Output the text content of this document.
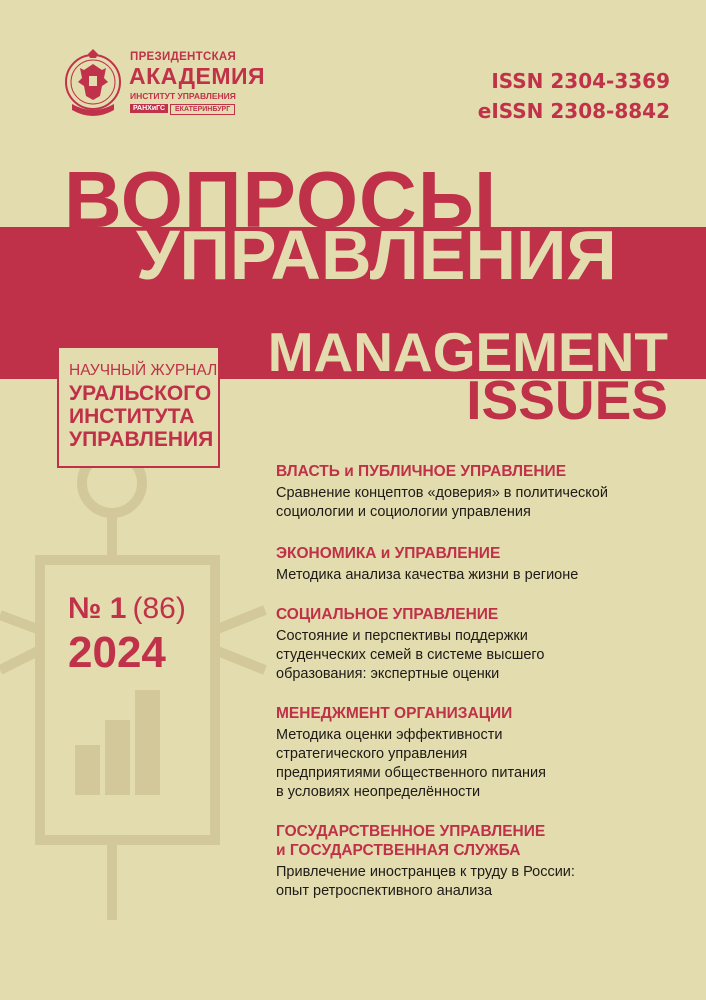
ПРЕЗИДЕНТСКАЯ
АКАДЕМИЯ
ИНСТИТУТ УПРАВЛЕНИЯ
РАНХиГС	ЕКАТЕРИНБУРГ
ISSN 2304-3369
eISSN 2308-8842
ВОПРОСЫ
УПРАВЛЕНИЯ
MANAGEMENT
ISSUES
НАУЧНЫЙ ЖУРНАЛ
УРАЛЬСКОГО
ИНСТИТУТА
УПРАВЛЕНИЯ
№ 1 (86)
2024
ВЛАСТЬ и ПУБЛИЧНОЕ УПРАВЛЕНИЕ
Сравнение концептов «доверия» в политической
социологии и социологии управления
ЭКОНОМИКА и УПРАВЛЕНИЕ
Методика анализа качества жизни в регионе
СОЦИАЛЬНОЕ УПРАВЛЕНИЕ
Состояние и перспективы поддержки
студенческих семей в системе высшего
образования: экспертные оценки
МЕНЕДЖМЕНТ ОРГАНИЗАЦИИ
Методика оценки эффективности
стратегического управления
предприятиями общественного питания
в условиях неопределённости
ГОСУДАРСТВЕННОЕ УПРАВЛЕНИЕ
и ГОСУДАРСТВЕННАЯ СЛУЖБА
Привлечение иностранцев к труду в России:
опыт ретроспективного анализа
